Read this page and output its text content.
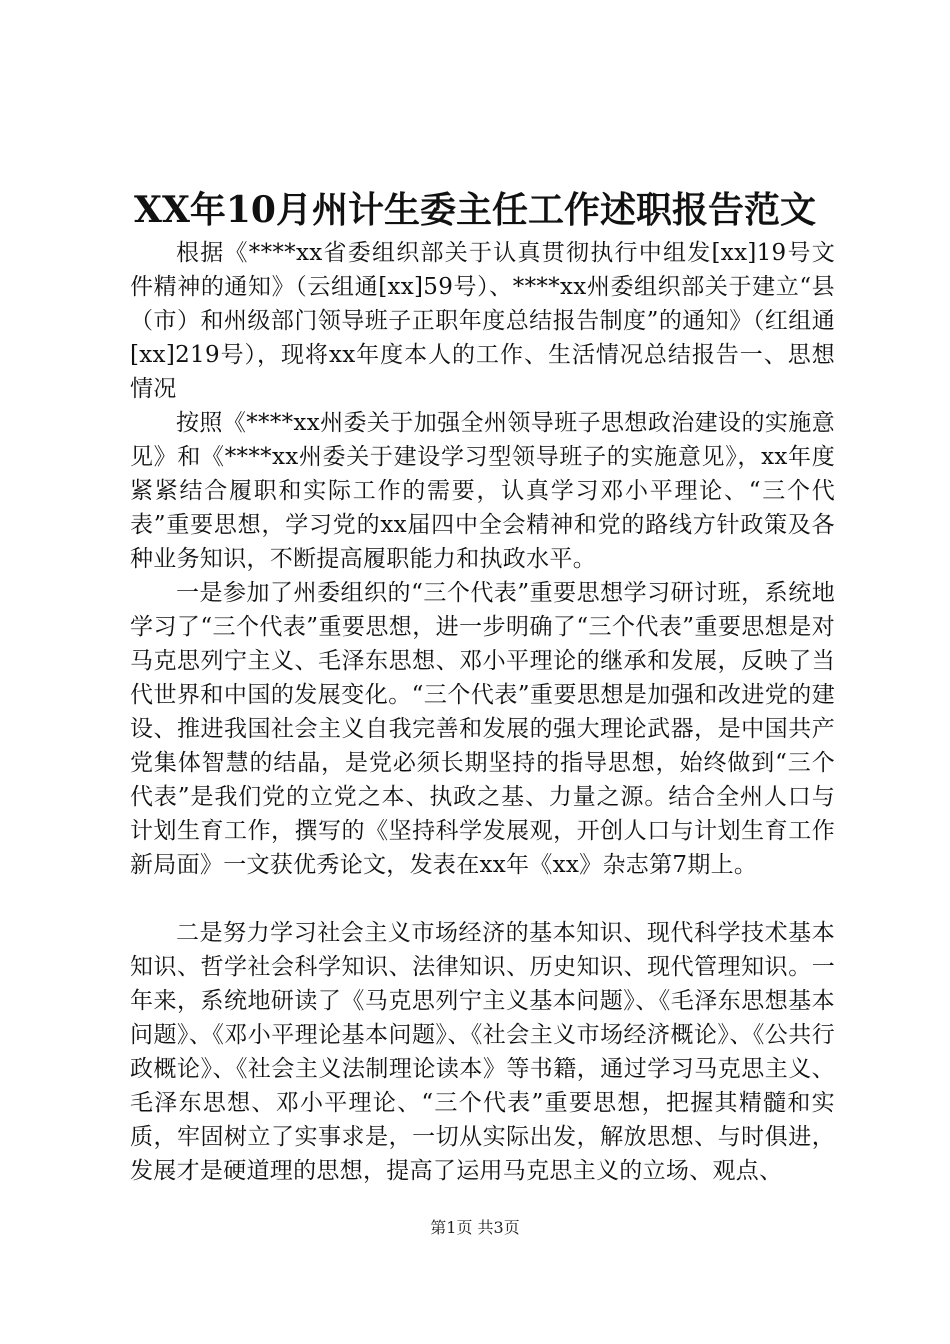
XX年10月州计生委主任工作述职报告范文

根据《****xx省委组织部关于认真贯彻执行中组发[xx]19号文件精神的通知》（云组通[xx]59号）、****xx州委组织部关于建立“县（市）和州级部门领导班子正职年度总结报告制度”的通知》（红组通[xx]219号），现将xx年度本人的工作、生活情况总结报告一、思想情况

按照《****xx州委关于加强全州领导班子思想政治建设的实施意见》和《****xx州委关于建设学习型领导班子的实施意见》，xx年度紧紧结合履职和实际工作的需要，认真学习邓小平理论、“三个代表”重要思想，学习党的xx届四中全会精神和党的路线方针政策及各种业务知识，不断提高履职能力和执政水平。

一是参加了州委组织的“三个代表”重要思想学习研讨班，系统地学习了“三个代表”重要思想，进一步明确了“三个代表”重要思想是对马克思列宁主义、毛泽东思想、邓小平理论的继承和发展，反映了当代世界和中国的发展变化。“三个代表”重要思想是加强和改进党的建设、推进我国社会主义自我完善和发展的强大理论武器，是中国共产党集体智慧的结晶，是党必须长期坚持的指导思想，始终做到“三个代表”是我们党的立党之本、执政之基、力量之源。结合全州人口与计划生育工作，撰写的《坚持科学发展观，开创人口与计划生育工作新局面》一文获优秀论文，发表在xx年《xx》杂志第7期上。

二是努力学习社会主义市场经济的基本知识、现代科学技术基本知识、哲学社会科学知识、法律知识、历史知识、现代管理知识。一年来，系统地研读了《马克思列宁主义基本问题》、《毛泽东思想基本问题》、《邓小平理论基本问题》、《社会主义市场经济概论》、《公共行政概论》、《社会主义法制理论读本》等书籍，通过学习马克思主义、毛泽东思想、邓小平理论、“三个代表”重要思想，把握其精髓和实质，牢固树立了实事求是，一切从实际出发，解放思想、与时俱进，发展才是硬道理的思想，提高了运用马克思主义的立场、观点、

第1页 共3页
